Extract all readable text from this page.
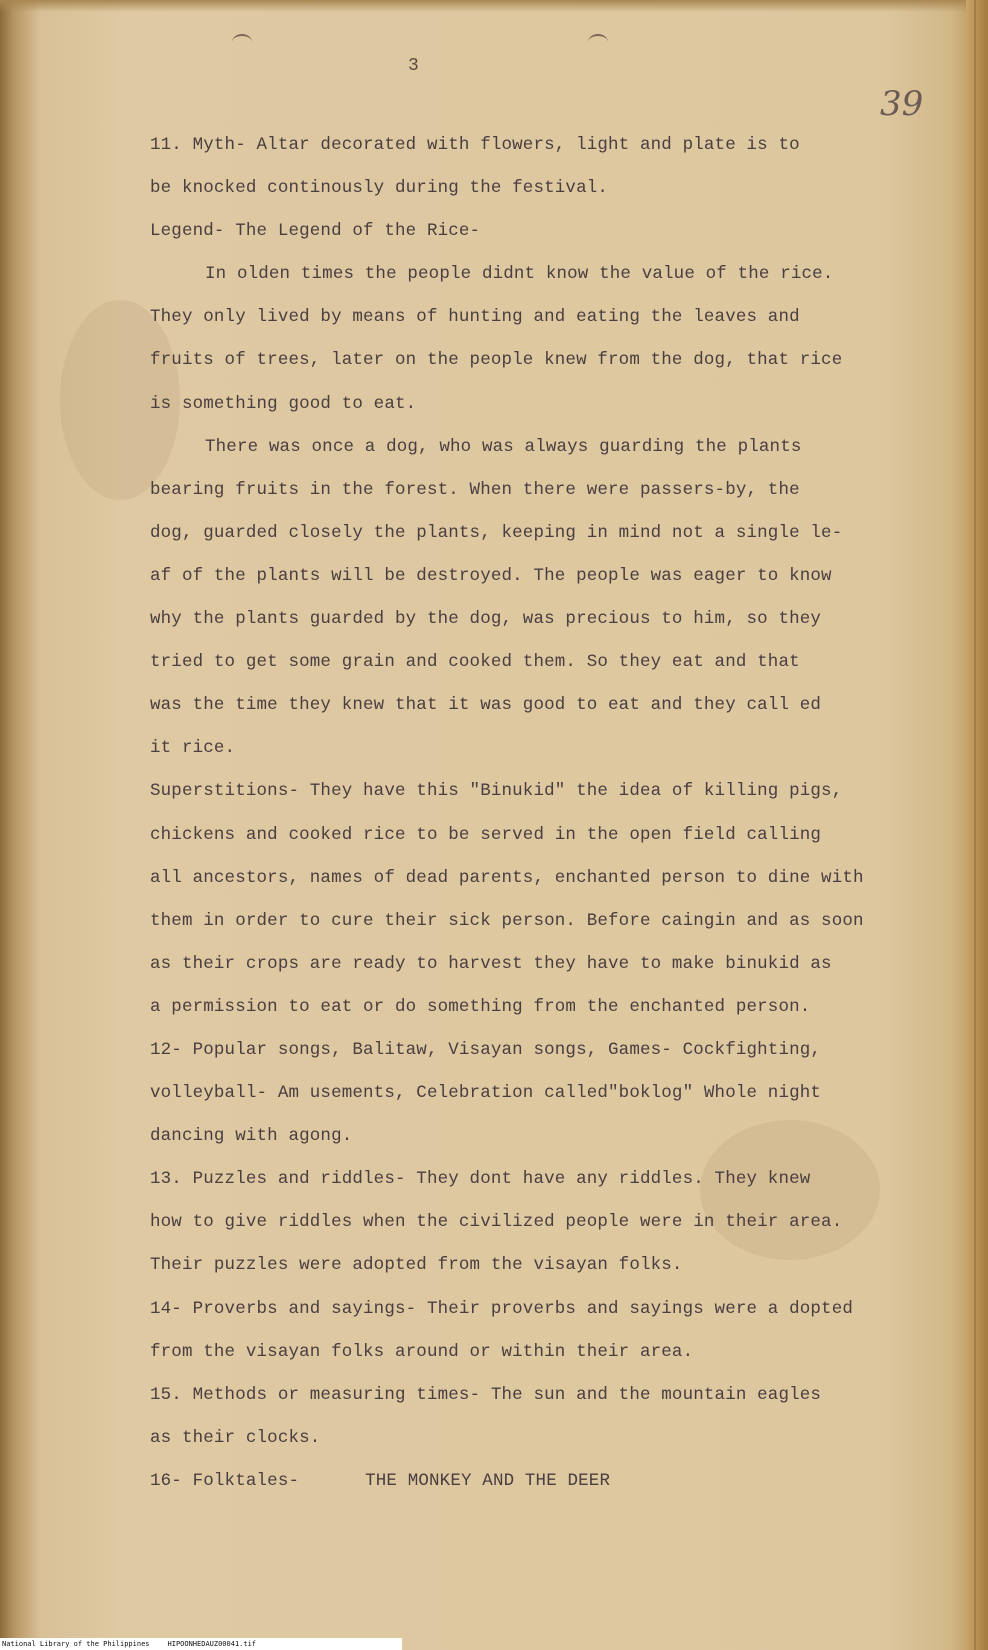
3
39
11. Myth- Altar decorated with flowers, light and plate is to
be knocked continously during the festival.
Legend- The Legend of the Rice-
In olden times the people didnt know the value of the rice.
They only lived by means of hunting and eating the leaves and
fruits of trees, later on the people knew from the dog, that rice
is something good to eat.
There was once a dog, who was always guarding the plants
bearing fruits in the forest. When there were passers-by, the
dog, guarded closely the plants, keeping in mind not a single le-
af of the plants will be destroyed. The people was eager to know
why the plants guarded by the dog, was precious to him, so they
tried to get some grain and cooked them. So they eat and that
was the time they knew that it was good to eat and they call ed
it rice.
Superstitions- They have this "Binukid" the idea of killing pigs,
chickens and cooked rice to be served in the open field calling
all ancestors, names of dead parents, enchanted person to dine with
them in order to cure their sick person. Before caingin and as soon
as their crops are ready to harvest they have to make binukid as
a permission to eat or do something from the enchanted person.
12- Popular songs, Balitaw, Visayan songs, Games- Cockfighting,
volleyball- Am usements, Celebration called"boklog" Whole night
dancing with agong.
13. Puzzles and riddles- They dont have any riddles. They knew
how to give riddles when the civilized people were in their area.
Their puzzles were adopted from the visayan folks.
14- Proverbs and sayings- Their proverbs and sayings were a dopted
from the visayan folks around or within their area.
15. Methods or measuring times- The sun and the mountain eagles
as their clocks.
16- Folktales-	THE MONKEY AND THE DEER
National Library of the Philippines	HIPOONHEDAUZ00041.tif
